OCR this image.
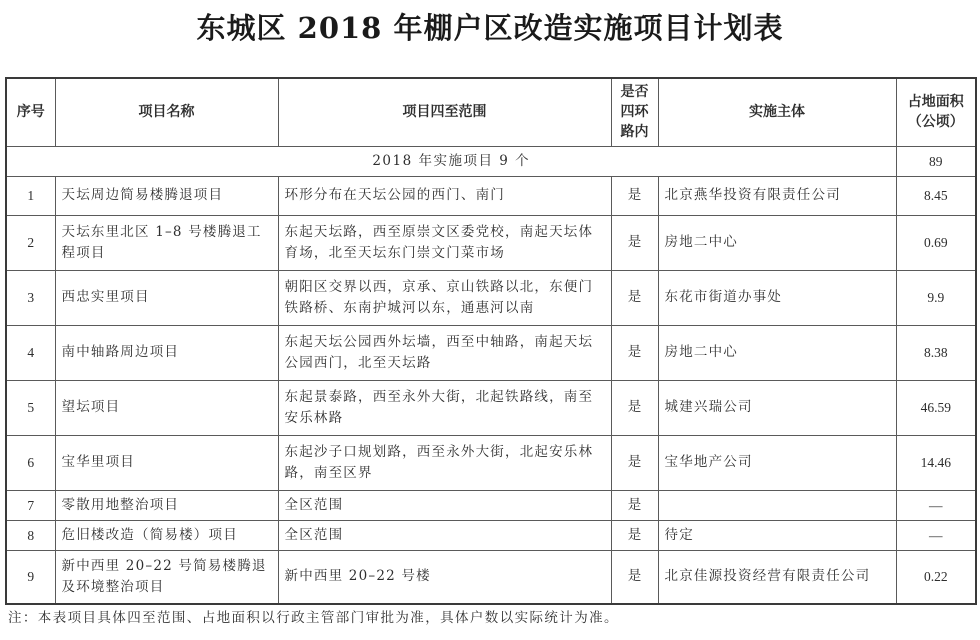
东城区 2018 年棚户区改造实施项目计划表
序号	项目名称	项目四至范围	是否四环路内	实施主体	占地面积（公顷）
2018 年实施项目 9 个					89
1	天坛周边简易楼腾退项目	环形分布在天坛公园的西门、南门	是	北京燕华投资有限责任公司	8.45
2	天坛东里北区 1–8 号楼腾退工程项目	东起天坛路，西至原崇文区委党校，南起天坛体育场，北至天坛东门崇文门菜市场	是	房地二中心	0.69
3	西忠实里项目	朝阳区交界以西，京承、京山铁路以北，东便门铁路桥、东南护城河以东，通惠河以南	是	东花市街道办事处	9.9
4	南中轴路周边项目	东起天坛公园西外坛墙，西至中轴路，南起天坛公园西门，北至天坛路	是	房地二中心	8.38
5	望坛项目	东起景泰路，西至永外大街，北起铁路线，南至安乐林路	是	城建兴瑞公司	46.59
6	宝华里项目	东起沙子口规划路，西至永外大街，北起安乐林路，南至区界	是	宝华地产公司	14.46
7	零散用地整治项目	全区范围	是		—
8	危旧楼改造（简易楼）项目	全区范围	是	待定	—
9	新中西里 20–22 号简易楼腾退及环境整治项目	新中西里 20–22 号楼	是	北京佳源投资经营有限责任公司	0.22
注：本表项目具体四至范围、占地面积以行政主管部门审批为准，具体户数以实际统计为准。
